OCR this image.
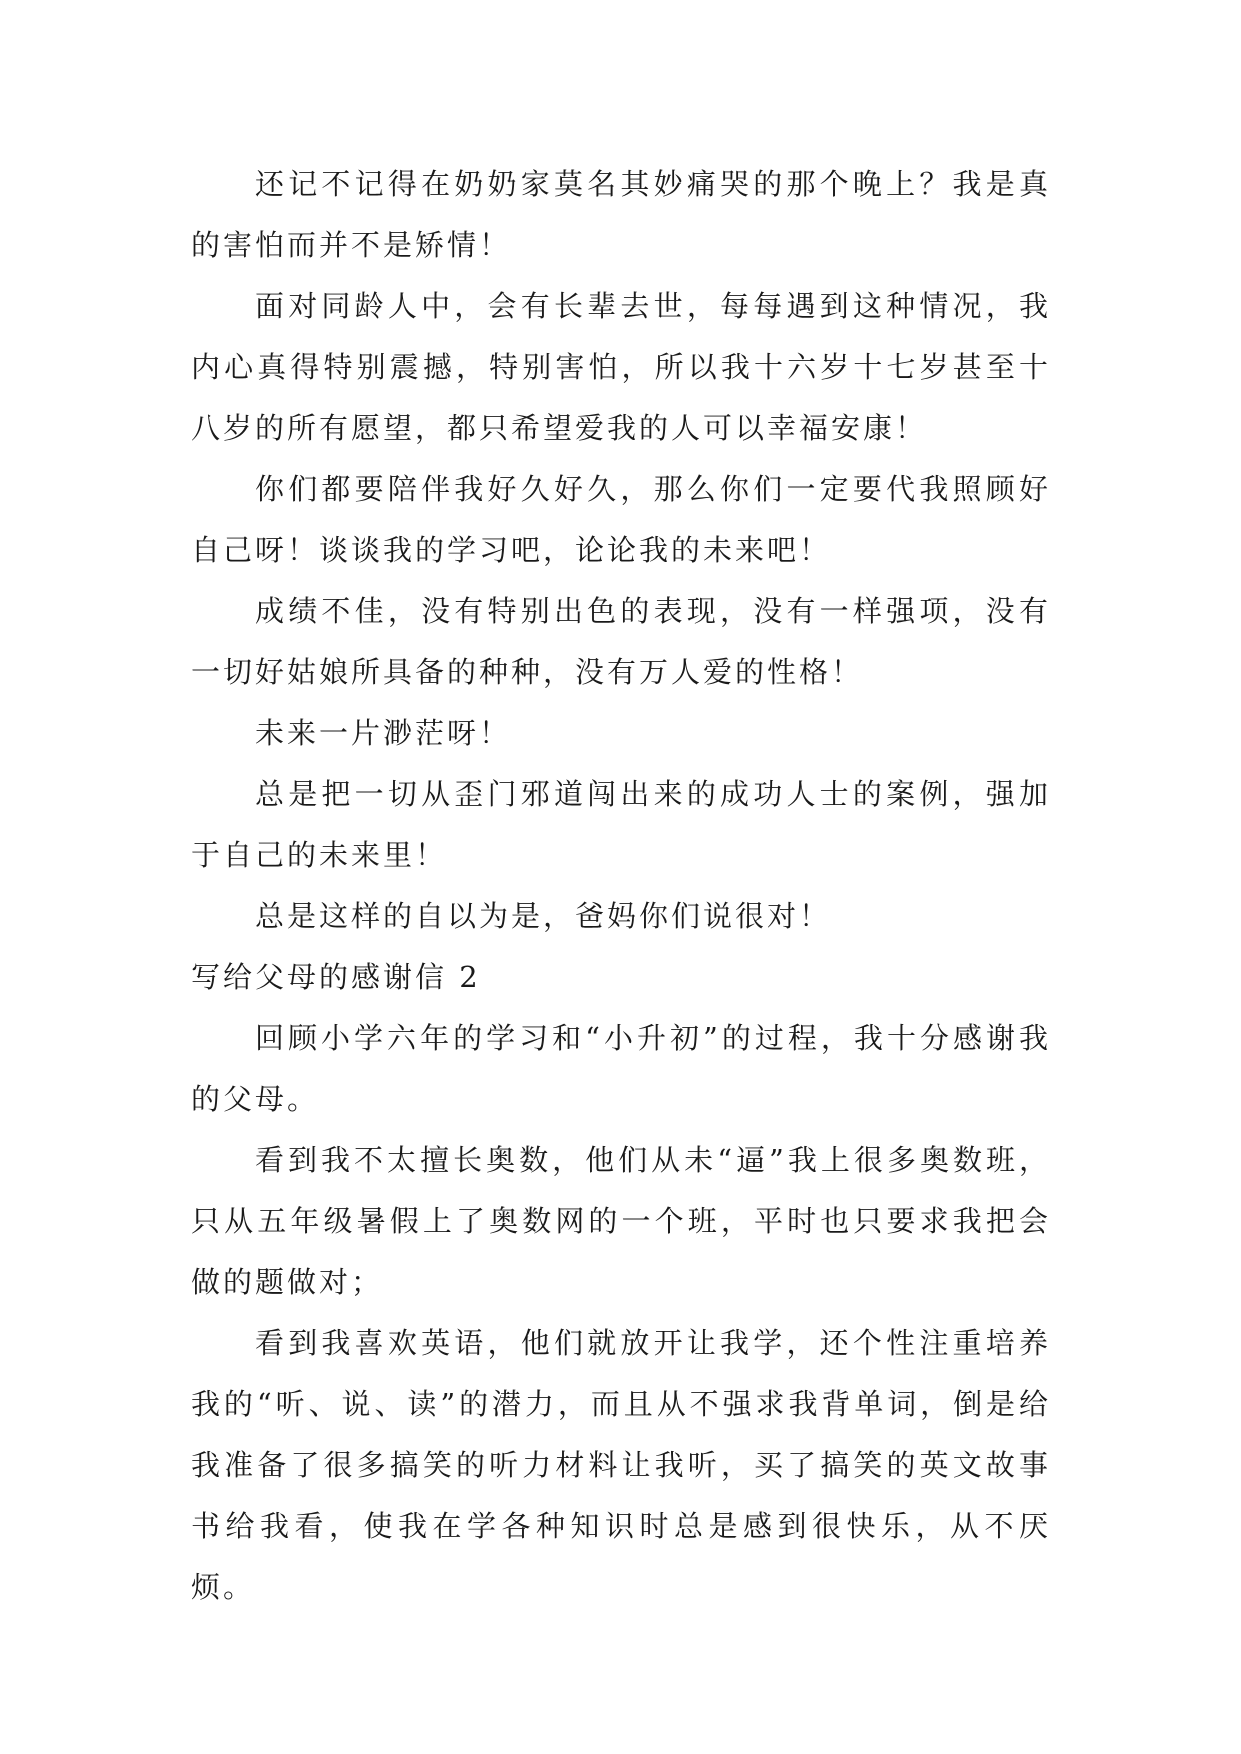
还记不记得在奶奶家莫名其妙痛哭的那个晚上？我是真的害怕而并不是矫情！

面对同龄人中，会有长辈去世，每每遇到这种情况，我内心真得特别震撼，特别害怕，所以我十六岁十七岁甚至十八岁的所有愿望，都只希望爱我的人可以幸福安康！

你们都要陪伴我好久好久，那么你们一定要代我照顾好自己呀！谈谈我的学习吧，论论我的未来吧！

成绩不佳，没有特别出色的表现，没有一样强项，没有一切好姑娘所具备的种种，没有万人爱的性格！

未来一片渺茫呀！

总是把一切从歪门邪道闯出来的成功人士的案例，强加于自己的未来里！

总是这样的自以为是，爸妈你们说很对！

写给父母的感谢信 2

回顾小学六年的学习和“小升初”的过程，我十分感谢我的父母。

看到我不太擅长奥数，他们从未“逼”我上很多奥数班，只从五年级暑假上了奥数网的一个班，平时也只要求我把会做的题做对；

看到我喜欢英语，他们就放开让我学，还个性注重培养我的“听、说、读”的潜力，而且从不强求我背单词，倒是给我准备了很多搞笑的听力材料让我听，买了搞笑的英文故事书给我看，使我在学各种知识时总是感到很快乐，从不厌烦。
